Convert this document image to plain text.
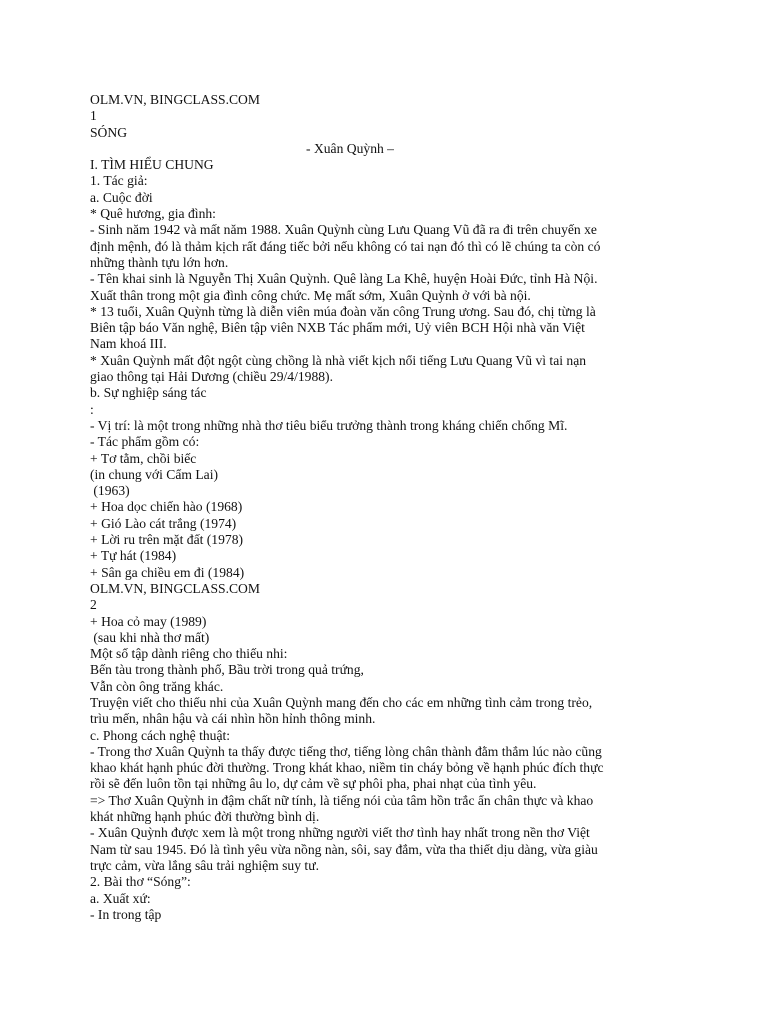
OLM.VN, BINGCLASS.COM
1
SÓNG
- Xuân Quỳnh –
I. TÌM HIỂU CHUNG
1. Tác giả:
a. Cuộc đời
* Quê hương, gia đình:
- Sinh năm 1942 và mất năm 1988. Xuân Quỳnh cùng Lưu Quang Vũ đã ra đi trên chuyến xe định mệnh, đó là thảm kịch rất đáng tiếc bởi nếu không có tai nạn đó thì có lẽ chúng ta còn có những thành tựu lớn hơn.
- Tên khai sinh là Nguyễn Thị Xuân Quỳnh. Quê làng La Khê, huyện Hoài Đức, tỉnh Hà Nội. Xuất thân trong một gia đình công chức. Mẹ mất sớm, Xuân Quỳnh ở với bà nội.
* 13 tuổi, Xuân Quỳnh từng là diễn viên múa đoàn văn công Trung ương. Sau đó, chị từng là Biên tập báo Văn nghệ, Biên tập viên NXB Tác phẩm mới, Uỷ viên BCH Hội nhà văn Việt Nam khoá III.
* Xuân Quỳnh mất đột ngột cùng chồng là nhà viết kịch nổi tiếng Lưu Quang Vũ vì tai nạn giao thông tại Hải Dương (chiều 29/4/1988).
b. Sự nghiệp sáng tác
:
- Vị trí: là một trong những nhà thơ tiêu biểu trưởng thành trong kháng chiến chống Mĩ.
- Tác phẩm gồm có:
+ Tơ tằm, chồi biếc
(in chung với Cẩm Lai)
(1963)
+ Hoa dọc chiến hào (1968)
+ Gió Lào cát trắng (1974)
+ Lời ru trên mặt đất (1978)
+ Tự hát (1984)
+ Sân ga chiều em đi (1984)
OLM.VN, BINGCLASS.COM
2
+ Hoa cỏ may (1989)
(sau khi nhà thơ mất)
Một số tập dành riêng cho thiếu nhi:
Bến tàu trong thành phố, Bầu trời trong quả trứng,
Vẫn còn ông trăng khác.
Truyện viết cho thiếu nhi của Xuân Quỳnh mang đến cho các em những tình cảm trong trẻo, trìu mến, nhân hậu và cái nhìn hồn hỉnh thông minh.
c. Phong cách nghệ thuật:
- Trong thơ Xuân Quỳnh ta thấy được tiếng thơ, tiếng lòng chân thành đằm thắm lúc nào cũng khao khát hạnh phúc đời thường. Trong khát khao, niềm tin cháy bỏng về hạnh phúc đích thực rồi sẽ đến luôn tồn tại những âu lo, dự cảm về sự phôi pha, phai nhạt của tình yêu.
=> Thơ Xuân Quỳnh in đậm chất nữ tính, là tiếng nói của tâm hồn trắc ẩn chân thực và khao khát những hạnh phúc đời thường bình dị.
- Xuân Quỳnh được xem là một trong những người viết thơ tình hay nhất trong nền thơ Việt Nam từ sau 1945. Đó là tình yêu vừa nồng nàn, sôi, say đắm, vừa tha thiết dịu dàng, vừa giàu trực cảm, vừa lắng sâu trải nghiệm suy tư.
2. Bài thơ “Sóng”:
a. Xuất xứ:
- In trong tập
